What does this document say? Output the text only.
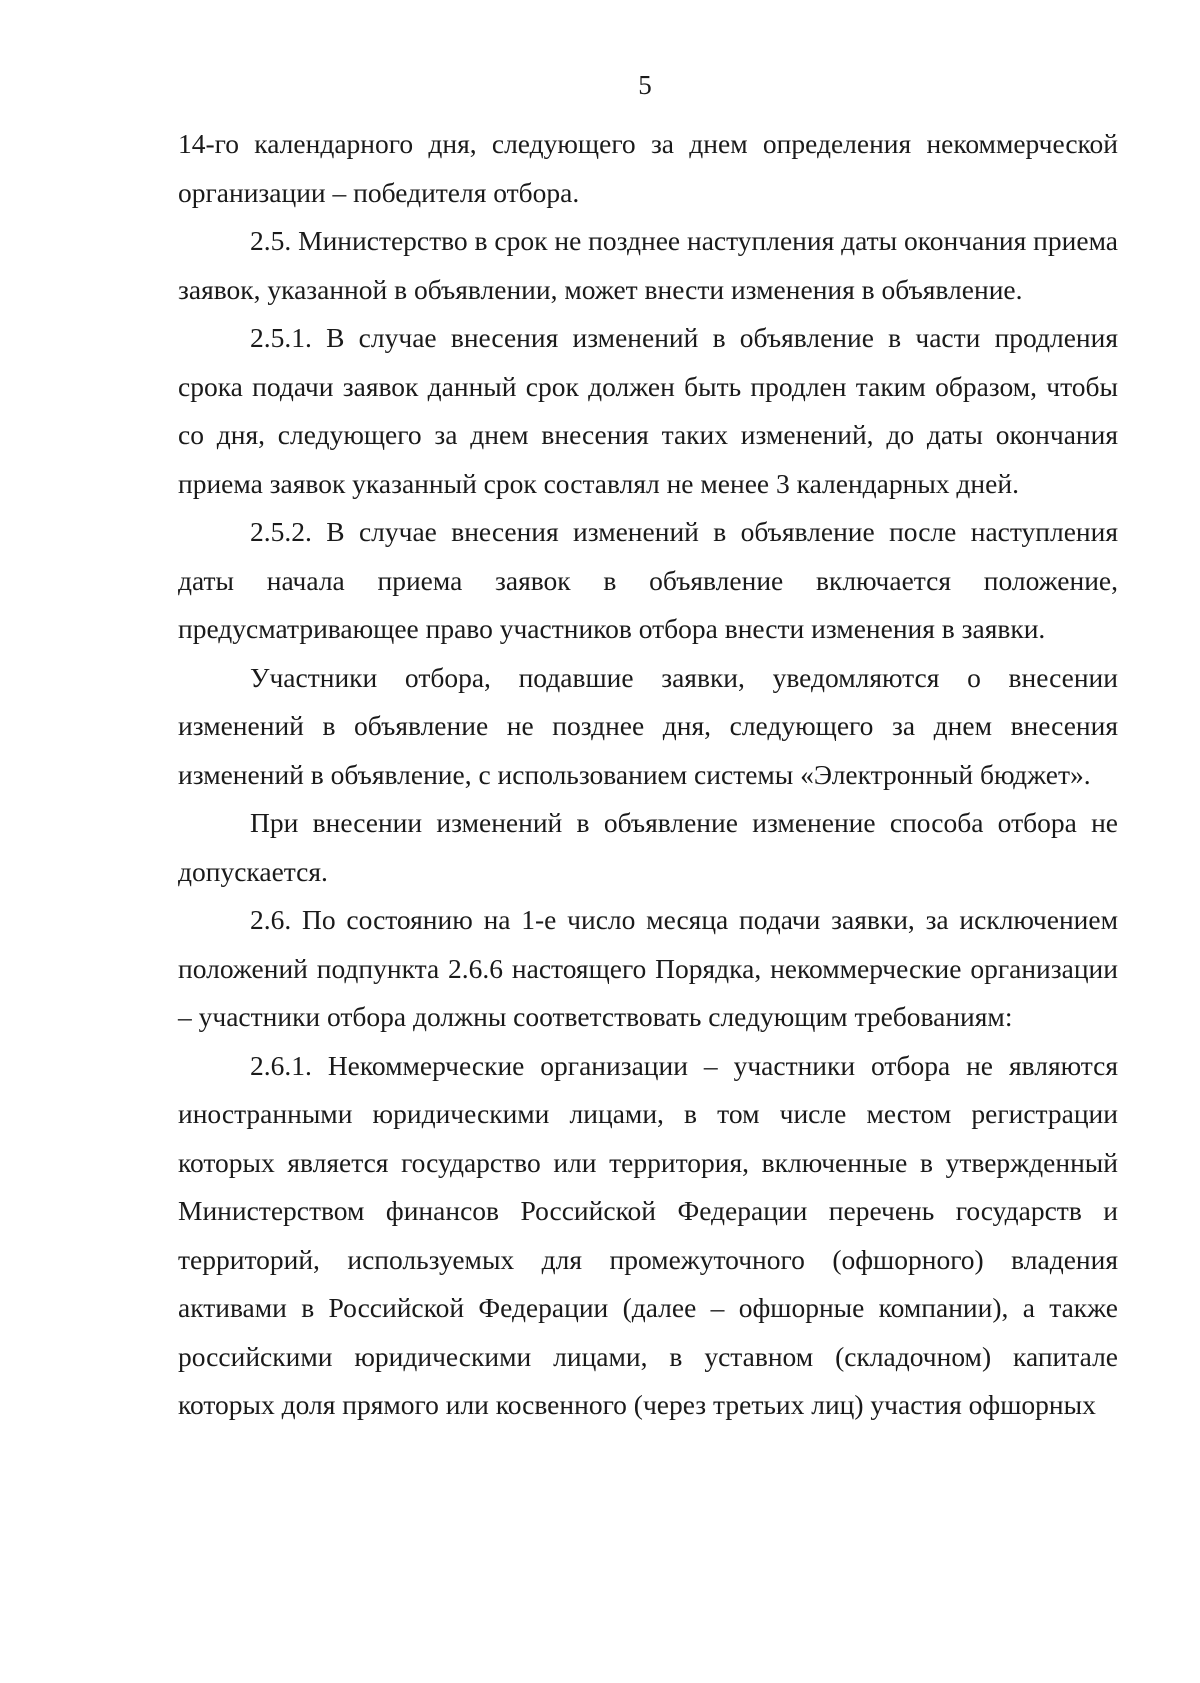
5

14-го календарного дня, следующего за днем определения некоммерческой организации – победителя отбора.

2.5. Министерство в срок не позднее наступления даты окончания приема заявок, указанной в объявлении, может внести изменения в объявление.

2.5.1. В случае внесения изменений в объявление в части продления срока подачи заявок данный срок должен быть продлен таким образом, чтобы со дня, следующего за днем внесения таких изменений, до даты окончания приема заявок указанный срок составлял не менее 3 календарных дней.

2.5.2. В случае внесения изменений в объявление после наступления даты начала приема заявок в объявление включается положение, предусматривающее право участников отбора внести изменения в заявки.

Участники отбора, подавшие заявки, уведомляются о внесении изменений в объявление не позднее дня, следующего за днем внесения изменений в объявление, с использованием системы «Электронный бюджет».

При внесении изменений в объявление изменение способа отбора не допускается.

2.6. По состоянию на 1-е число месяца подачи заявки, за исключением положений подпункта 2.6.6 настоящего Порядка, некоммерческие организации – участники отбора должны соответствовать следующим требованиям:

2.6.1. Некоммерческие организации – участники отбора не являются иностранными юридическими лицами, в том числе местом регистрации которых является государство или территория, включенные в утвержденный Министерством финансов Российской Федерации перечень государств и территорий, используемых для промежуточного (офшорного) владения активами в Российской Федерации (далее – офшорные компании), а также российскими юридическими лицами, в уставном (складочном) капитале которых доля прямого или косвенного (через третьих лиц) участия офшорных
